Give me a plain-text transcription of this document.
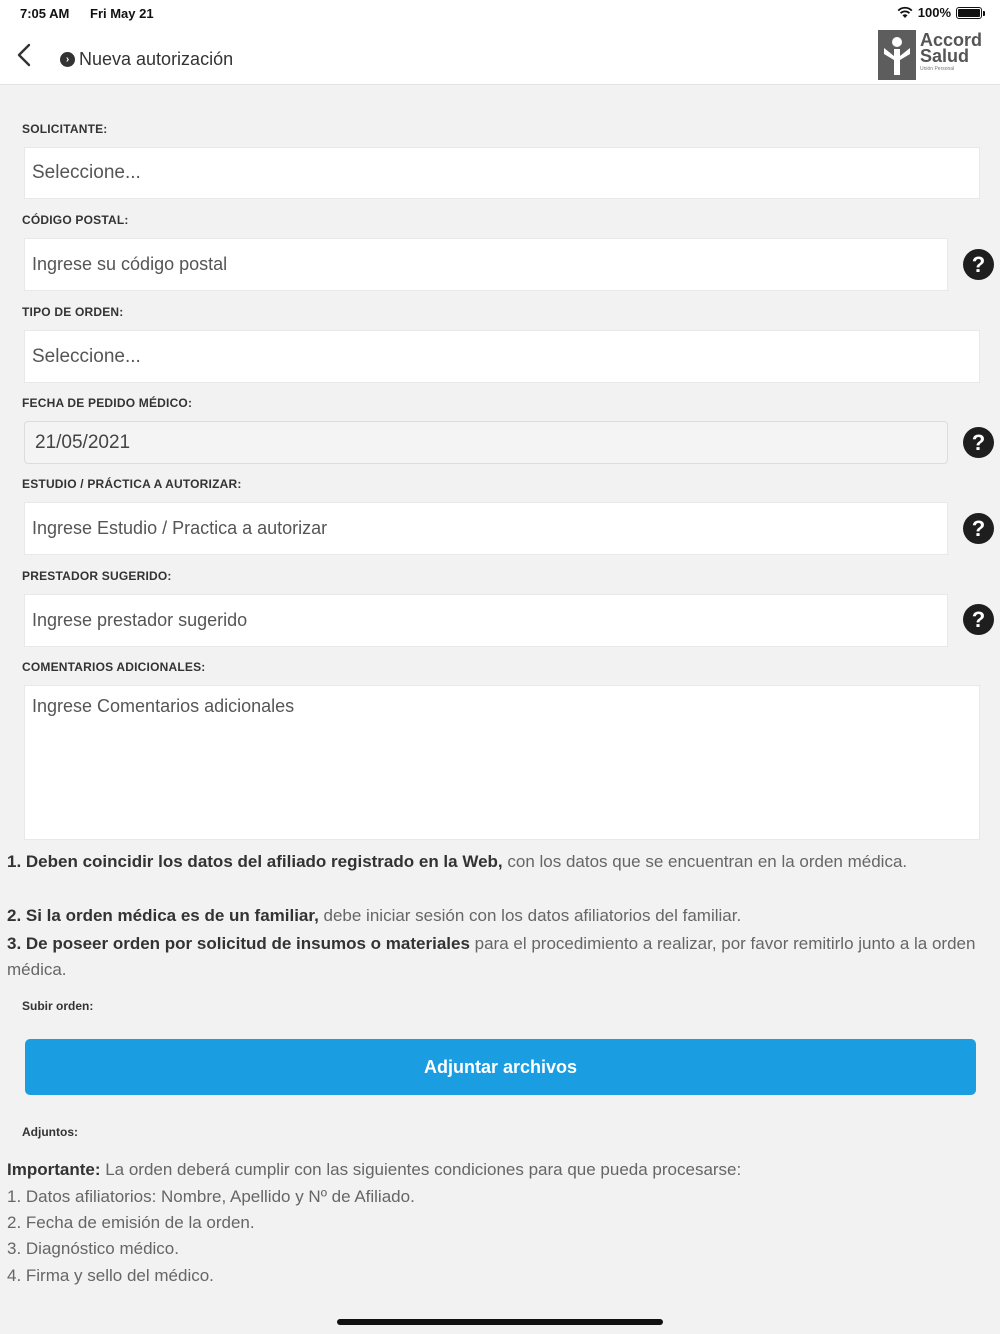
7:05 AM Fri May 21	100%
› Nueva autorización
Accord
Salud
Unión Personal
SOLICITANTE:
Seleccione...
CÓDIGO POSTAL:
Ingrese su código postal	?
TIPO DE ORDEN:
Seleccione...
FECHA DE PEDIDO MÉDICO:
21/05/2021	?
ESTUDIO / PRÁCTICA A AUTORIZAR:
Ingrese Estudio / Practica a autorizar	?
PRESTADOR SUGERIDO:
Ingrese prestador sugerido	?
COMENTARIOS ADICIONALES:
Ingrese Comentarios adicionales
1. Deben coincidir los datos del afiliado registrado en la Web, con los datos que se encuentran en la orden médica.
2. Si la orden médica es de un familiar, debe iniciar sesión con los datos afiliatorios del familiar.
3. De poseer orden por solicitud de insumos o materiales para el procedimiento a realizar, por favor remitirlo junto a la orden médica.
Subir orden:
Adjuntar archivos
Adjuntos:
Importante: La orden deberá cumplir con las siguientes condiciones para que pueda procesarse:
1. Datos afiliatorios: Nombre, Apellido y Nº de Afiliado.
2. Fecha de emisión de la orden.
3. Diagnóstico médico.
4. Firma y sello del médico.
